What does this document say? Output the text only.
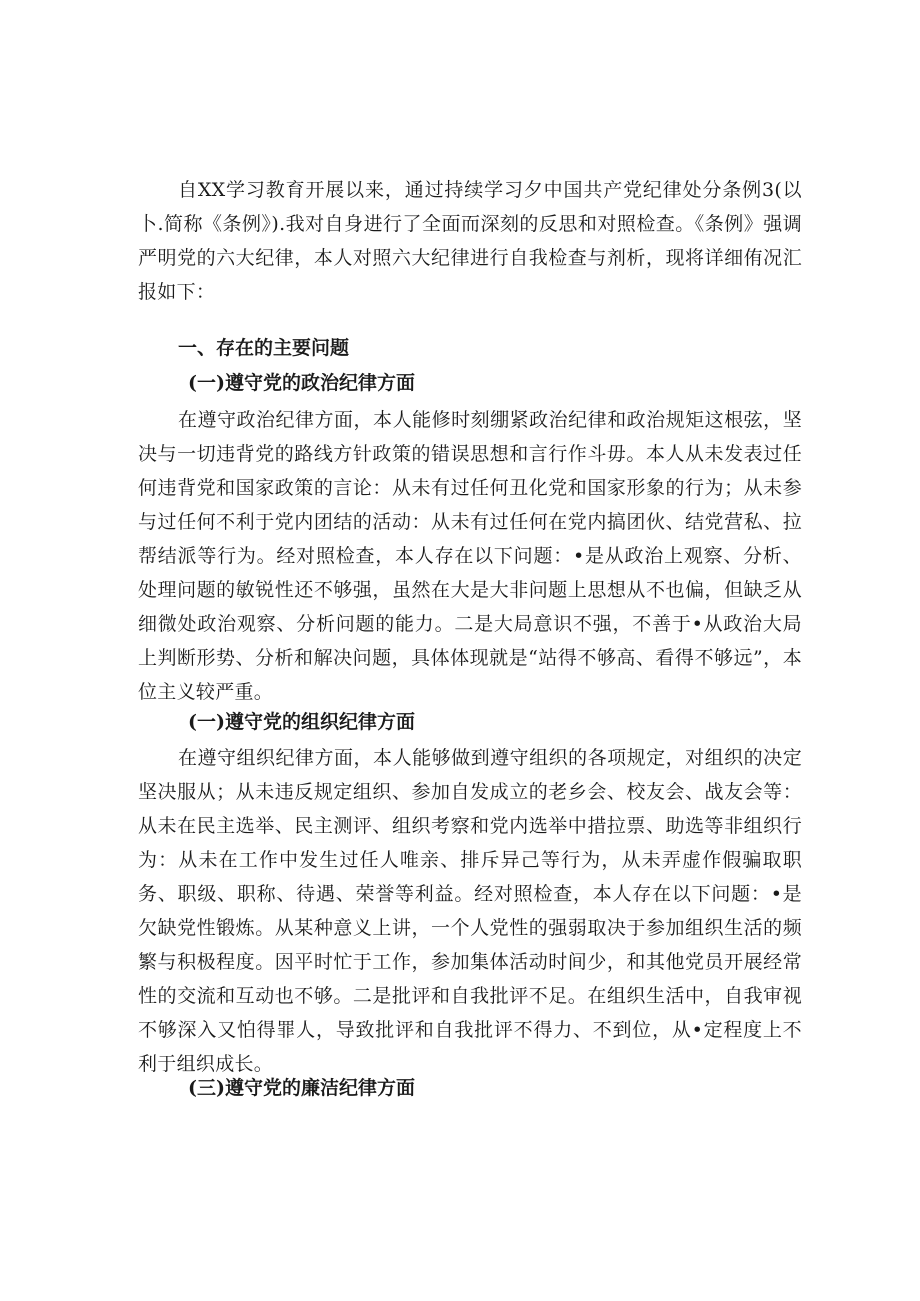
自XX学习教育开展以来，通过持续学习夕中国共产党纪律处分条例3(以卜.简称《条例》).我对自身进行了全面而深刻的反思和对照检查。《条例》强调严明党的六大纪律，本人对照六大纪律进行自我检查与剂析，现将详细侑况汇报如下：

一、存在的主要问题
(一)遵守党的政治纪律方面

在遵守政治纪律方面，本人能修时刻绷紧政治纪律和政治规矩这根弦，坚决与一切违背党的路线方针政策的错误思想和言行作斗毋。本人从未发表过任何违背党和国家政策的言论：从未有过任何丑化党和国家形象的行为；从未参与过任何不利于党内团结的活动：从未有过任何在党内搞团伙、结党营私、拉帮结派等行为。经对照检查，本人存在以下问题：•是从政治上观察、分析、处理问题的敏锐性还不够强，虽然在大是大非问题上思想从不也偏，但缺乏从细微处政治观察、分析问题的能力。二是大局意识不强，不善于•从政治大局上判断形势、分析和解决问题，具体体现就是“站得不够高、看得不够远”，本位主义较严重。

(一)遵守党的组织纪律方面

在遵守组织纪律方面，本人能够做到遵守组织的各项规定，对组织的决定坚决服从；从未违反规定组织、参加自发成立的老乡会、校友会、战友会等：从未在民主选举、民主测评、组织考察和党内选举中措拉票、助选等非组织行为：从未在工作中发生过任人唯亲、排斥异己等行为，从未弄虚作假骗取职务、职级、职称、待遇、荣誉等利益。经对照检查，本人存在以下问题：•是欠缺党性锻炼。从某种意义上讲，一个人党性的强弱取决于参加组织生活的频繁与积极程度。因平时忙于工作，参加集体活动时间少，和其他党员开展经常性的交流和互动也不够。二是批评和自我批评不足。在组织生活中，自我审视不够深入又怕得罪人，导致批评和自我批评不得力、不到位，从•定程度上不利于组织成长。

(三)遵守党的廉洁纪律方面
